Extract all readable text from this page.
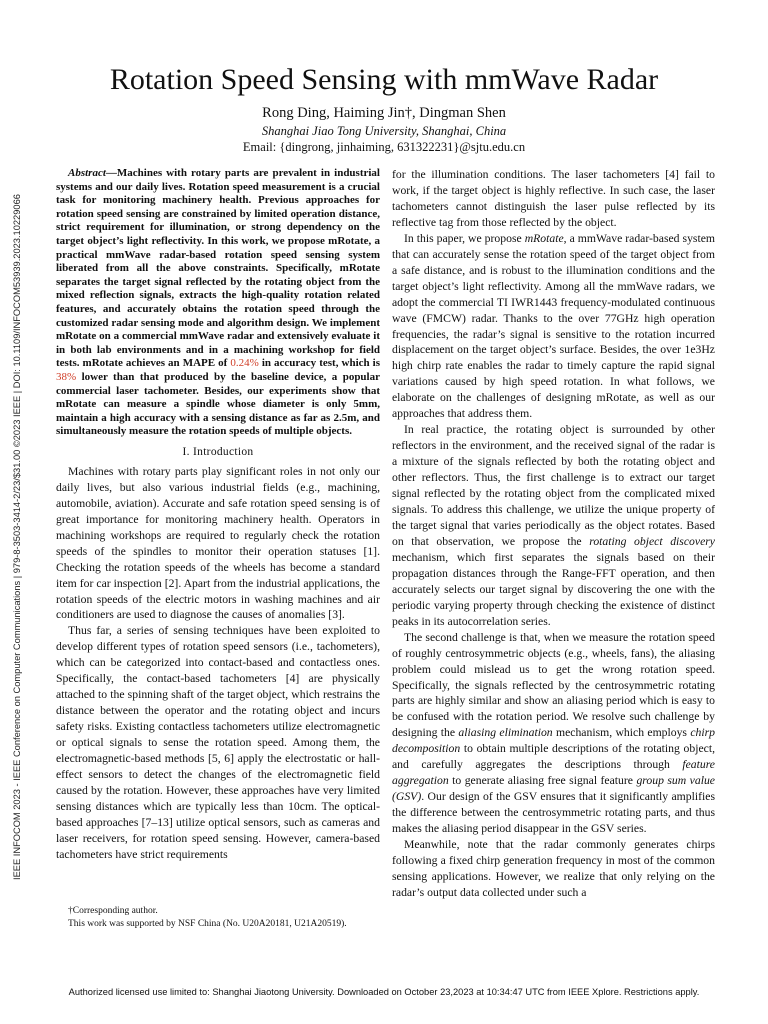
IEEE INFOCOM 2023 - IEEE Conference on Computer Communications | 979-8-3503-3414-2/23/$31.00 ©2023 IEEE | DOI: 10.1109/INFOCOM53939.2023.10229066
Rotation Speed Sensing with mmWave Radar
Rong Ding, Haiming Jin†, Dingman Shen
Shanghai Jiao Tong University, Shanghai, China
Email: {dingrong, jinhaiming, 631322231}@sjtu.edu.cn

Abstract—Machines with rotary parts are prevalent in industrial systems and our daily lives. Rotation speed measurement is a crucial task for monitoring machinery health. Previous approaches for rotation speed sensing are constrained by limited operation distance, strict requirement for illumination, or strong dependency on the target object’s light reflectivity. In this work, we propose mRotate, a practical mmWave radar-based rotation speed sensing system liberated from all the above constraints. Specifically, mRotate separates the target signal reflected by the rotating object from the mixed reflection signals, extracts the high-quality rotation related features, and accurately obtains the rotation speed through the customized radar sensing mode and algorithm design. We implement mRotate on a commercial mmWave radar and extensively evaluate it in both lab environments and in a machining workshop for field tests. mRotate achieves an MAPE of 0.24% in accuracy test, which is 38% lower than that produced by the baseline device, a popular commercial laser tachometer. Besides, our experiments show that mRotate can measure a spindle whose diameter is only 5mm, maintain a high accuracy with a sensing distance as far as 2.5m, and simultaneously measure the rotation speeds of multiple objects.

I. Introduction

Machines with rotary parts play significant roles in not only our daily lives, but also various industrial fields (e.g., machining, automobile, aviation). Accurate and safe rotation speed sensing is of great importance for monitoring machinery health. Operators in machining workshops are required to regularly check the rotation speeds of the spindles to monitor their operation statuses [1]. Checking the rotation speeds of the wheels has become a standard item for car inspection [2]. Apart from the industrial applications, the rotation speeds of the electric motors in washing machines and air conditioners are used to diagnose the causes of anomalies [3].

Thus far, a series of sensing techniques have been exploited to develop different types of rotation speed sensors (i.e., tachometers), which can be categorized into contact-based and contactless ones. Specifically, the contact-based tachometers [4] are physically attached to the spinning shaft of the target object, which restrains the distance between the operator and the rotating object and incurs safety risks. Existing contactless tachometers utilize electromagnetic or optical signals to sense the rotation speed. Among them, the electromagnetic-based methods [5, 6] apply the electrostatic or hall-effect sensors to detect the changes of the electromagnetic field caused by the rotation. However, these approaches have very limited sensing distances which are typically less than 10cm. The optical-based approaches [7–13] utilize optical sensors, such as cameras and laser receivers, for rotation speed sensing. However, camera-based tachometers have strict requirements

†Corresponding author.

This work was supported by NSF China (No. U20A20181, U21A20519).

for the illumination conditions. The laser tachometers [4] fail to work, if the target object is highly reflective. In such case, the laser tachometers cannot distinguish the laser pulse reflected by its reflective tag from those reflected by the object.

In this paper, we propose mRotate, a mmWave radar-based system that can accurately sense the rotation speed of the target object from a safe distance, and is robust to the illumination conditions and the target object’s light reflectivity. Among all the mmWave radars, we adopt the commercial TI IWR1443 frequency-modulated continuous wave (FMCW) radar. Thanks to the over 77GHz high operation frequencies, the radar’s signal is sensitive to the rotation incurred displacement on the target object’s surface. Besides, the over 1e3Hz high chirp rate enables the radar to timely capture the rapid signal variations caused by high speed rotation. In what follows, we elaborate on the challenges of designing mRotate, as well as our approaches that address them.

In real practice, the rotating object is surrounded by other reflectors in the environment, and the received signal of the radar is a mixture of the signals reflected by both the rotating object and other reflectors. Thus, the first challenge is to extract our target signal reflected by the rotating object from the complicated mixed signals. To address this challenge, we utilize the unique property of the target signal that varies periodically as the object rotates. Based on that observation, we propose the rotating object discovery mechanism, which first separates the signals based on their propagation distances through the Range-FFT operation, and then accurately selects our target signal by discovering the one with the periodic varying property through checking the existence of distinct peaks in its autocorrelation series.

The second challenge is that, when we measure the rotation speed of roughly centrosymmetric objects (e.g., wheels, fans), the aliasing problem could mislead us to get the wrong rotation speed. Specifically, the signals reflected by the centrosymmetric rotating parts are highly similar and show an aliasing period which is easy to be confused with the rotation period. We resolve such challenge by designing the aliasing elimination mechanism, which employs chirp decomposition to obtain multiple descriptions of the rotating object, and carefully aggregates the descriptions through feature aggregation to generate aliasing free signal feature group sum value (GSV). Our design of the GSV ensures that it significantly amplifies the difference between the centrosymmetric rotating parts, and thus makes the aliasing period disappear in the GSV series.

Meanwhile, note that the radar commonly generates chirps following a fixed chirp generation frequency in most of the common sensing applications. However, we realize that only relying on the radar’s output data collected under such a

Authorized licensed use limited to: Shanghai Jiaotong University. Downloaded on October 23,2023 at 10:34:47 UTC from IEEE Xplore. Restrictions apply.
